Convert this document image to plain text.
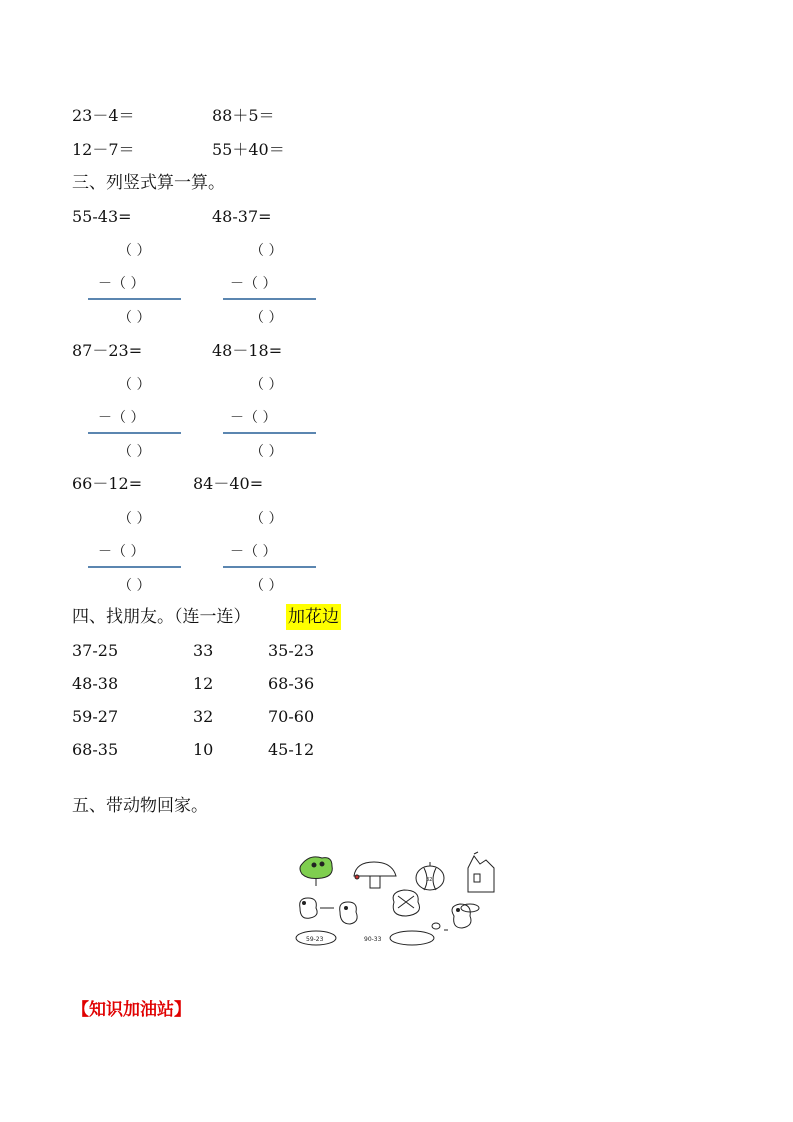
23－4＝	88＋5＝
12－7＝	55＋40＝
三、列竖式算一算。
55-43=	48-37=
（ ）	（ ）
－（ ）	－（ ）
（ ）	（ ）
87－23=	48－18=
（ ）	（ ）
－（ ）	－（ ）
（ ）	（ ）
66－12=	84－40=
（ ）	（ ）
－（ ）	－（ ）
（ ）	（ ）
四、找朋友。（连一连） 加花边
37-25	33	35-23
48-38	12	68-36
59-27	32	70-60
68-35	10	45-12
五、带动物回家。
59-23	90-33
32
【知识加油站】
